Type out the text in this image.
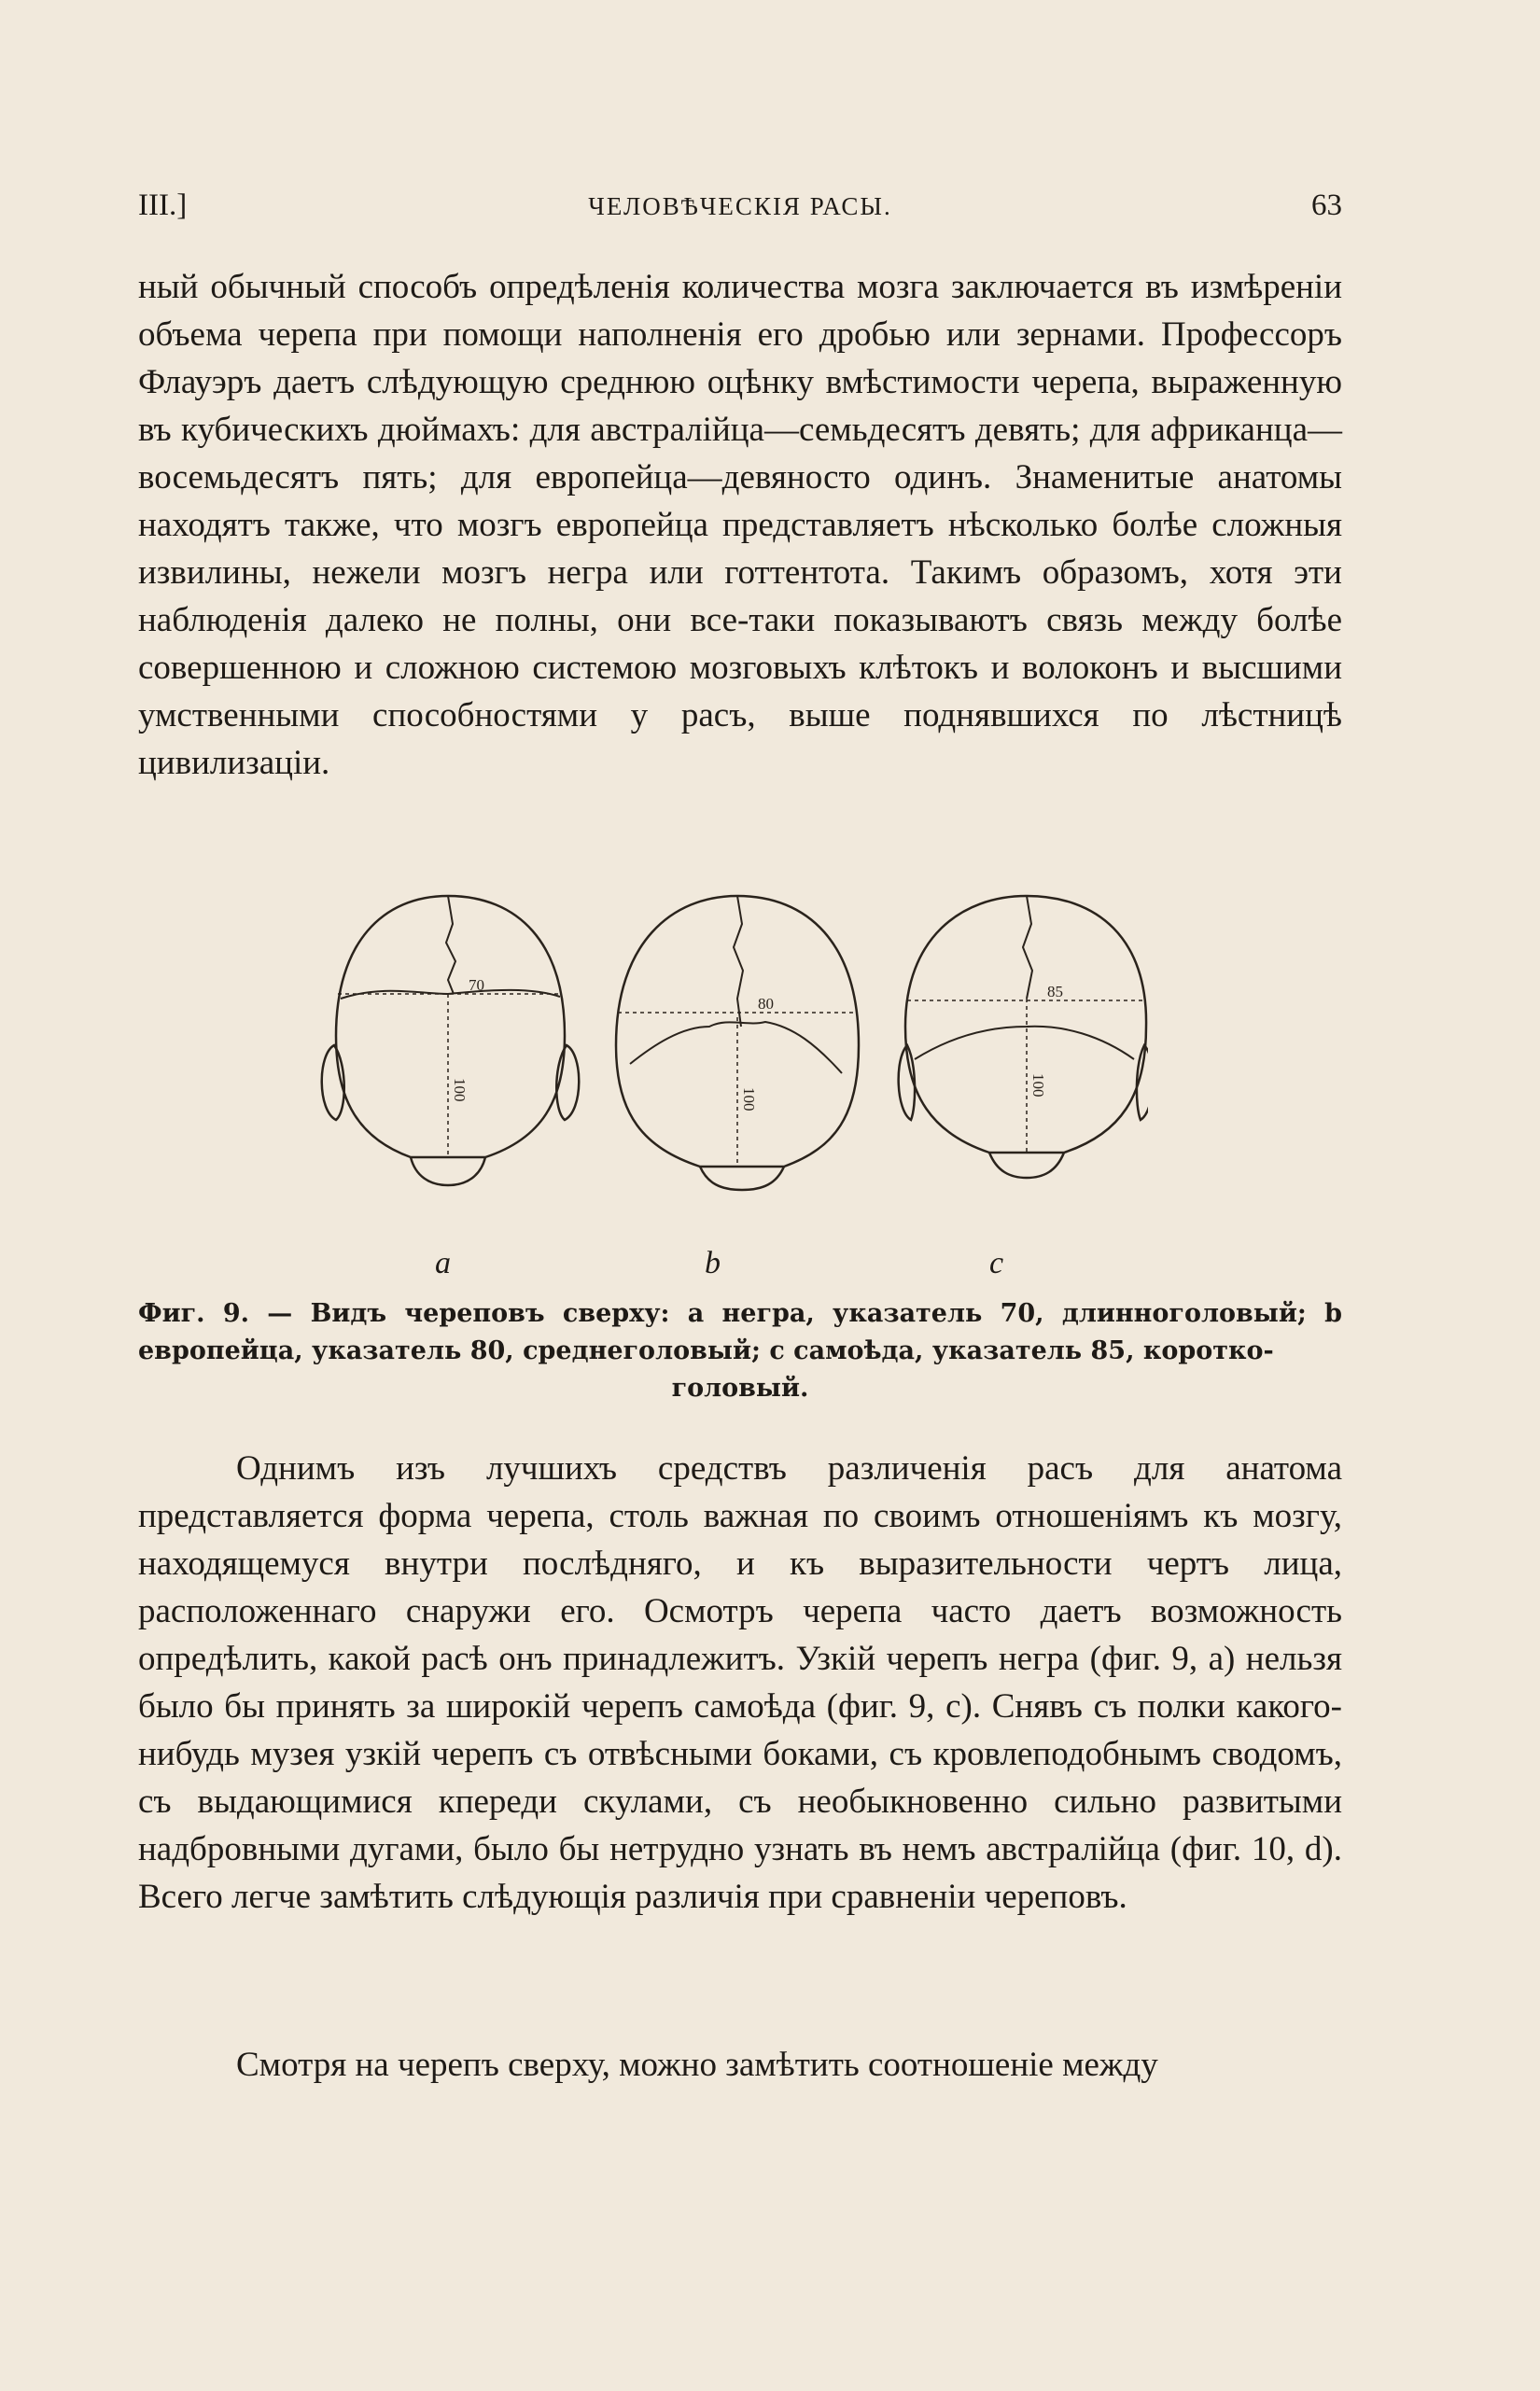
III.]	ЧЕЛОВѢЧЕСКІЯ РАСЫ.	63

ный обычный способъ опредѣленія количества мозга заключается въ измѣреніи объема черепа при помощи наполненія его дробью или зернами. Профессоръ Флауэръ даетъ слѣдующую среднюю оцѣнку вмѣстимости черепа, выраженную въ кубическихъ дюймахъ: для австралійца—семьдесятъ девять; для африканца—восемьдесятъ пять; для европейца—девяносто одинъ. Знаменитые анатомы находятъ также, что мозгъ европейца представляетъ нѣсколько болѣе сложныя извилины, нежели мозгъ негра или готтентота. Такимъ образомъ, хотя эти наблюденія далеко не полны, они все-таки показываютъ связь между болѣе совершенною и сложною системою мозговыхъ клѣтокъ и волоконъ и высшими умственными способностями у расъ, выше поднявшихся по лѣстницѣ цивилизаціи.

70
100
80
100
85
100
a	b	c
Фиг. 9. — Видъ череповъ сверху: a негра, указатель 70, длинноголовый; b европейца, указатель 80, среднеголовый; c самоѣда, указатель 85, коротко-
головый.

Однимъ изъ лучшихъ средствъ различенія расъ для анатома представляется форма черепа, столь важная по своимъ отношеніямъ къ мозгу, находящемуся внутри послѣдняго, и къ выразительности чертъ лица, расположеннаго снаружи его. Осмотръ черепа часто даетъ возможность опредѣлить, какой расѣ онъ принадлежитъ. Узкій черепъ негра (фиг. 9, a) нельзя было бы принять за широкій черепъ самоѣда (фиг. 9, c). Снявъ съ полки какого-нибудь музея узкій черепъ съ отвѣсными боками, съ кровлеподобнымъ сводомъ, съ выдающимися кпереди скулами, съ необыкновенно сильно развитыми надбровными дугами, было бы нетрудно узнать въ немъ австралійца (фиг. 10, d). Всего легче замѣтить слѣдующія различія при сравненіи череповъ.

Смотря на черепъ сверху, можно замѣтить соотношеніе между
